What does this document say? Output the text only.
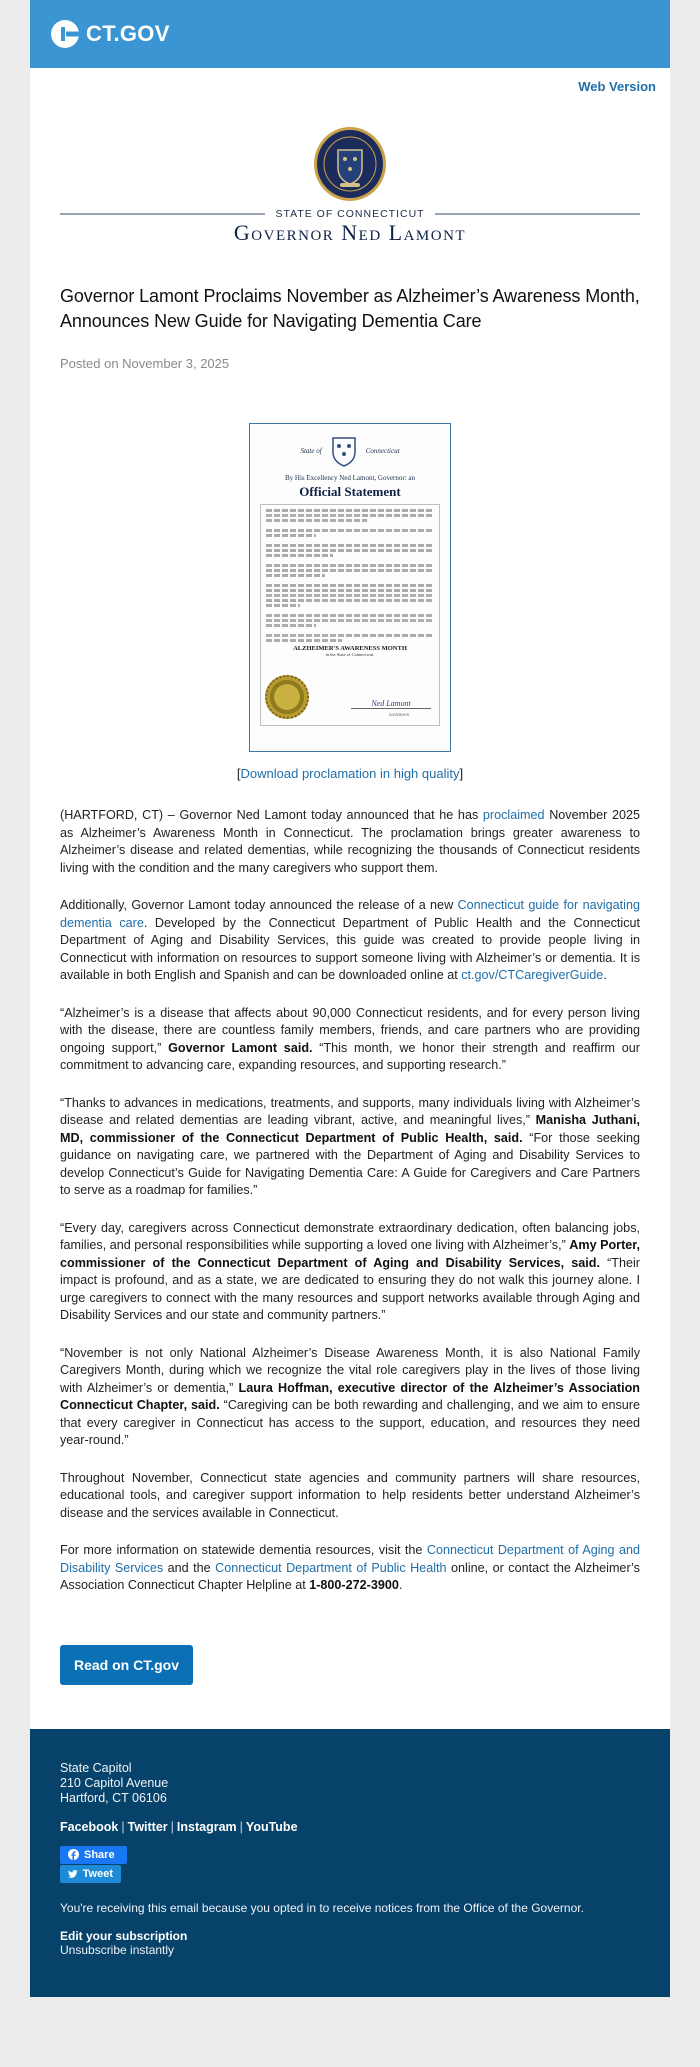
CT.GOV
Web Version
STATE OF CONNECTICUT
Governor Ned Lamont
Governor Lamont Proclaims November as Alzheimer’s Awareness Month, Announces New Guide for Navigating Dementia Care
Posted on November 3, 2025
State of	Connecticut
By His Excellency Ned Lamont, Governor: an
Official Statement
ALZHEIMER'S AWARENESS MONTH
in the State of Connecticut.
Ned Lamont
GOVERNOR
[Download proclamation in high quality]

(HARTFORD, CT) – Governor Ned Lamont today announced that he has proclaimed November 2025 as Alzheimer’s Awareness Month in Connecticut. The proclamation brings greater awareness to Alzheimer’s disease and related dementias, while recognizing the thousands of Connecticut residents living with the condition and the many caregivers who support them.

Additionally, Governor Lamont today announced the release of a new Connecticut guide for navigating dementia care. Developed by the Connecticut Department of Public Health and the Connecticut Department of Aging and Disability Services, this guide was created to provide people living in Connecticut with information on resources to support someone living with Alzheimer’s or dementia. It is available in both English and Spanish and can be downloaded online at ct.gov/CTCaregiverGuide.

“Alzheimer’s is a disease that affects about 90,000 Connecticut residents, and for every person living with the disease, there are countless family members, friends, and care partners who are providing ongoing support,” Governor Lamont said. “This month, we honor their strength and reaffirm our commitment to advancing care, expanding resources, and supporting research.”

“Thanks to advances in medications, treatments, and supports, many individuals living with Alzheimer’s disease and related dementias are leading vibrant, active, and meaningful lives,” Manisha Juthani, MD, commissioner of the Connecticut Department of Public Health, said. “For those seeking guidance on navigating care, we partnered with the Department of Aging and Disability Services to develop Connecticut’s Guide for Navigating Dementia Care: A Guide for Caregivers and Care Partners to serve as a roadmap for families.”

“Every day, caregivers across Connecticut demonstrate extraordinary dedication, often balancing jobs, families, and personal responsibilities while supporting a loved one living with Alzheimer’s,” Amy Porter, commissioner of the Connecticut Department of Aging and Disability Services, said. “Their impact is profound, and as a state, we are dedicated to ensuring they do not walk this journey alone. I urge caregivers to connect with the many resources and support networks available through Aging and Disability Services and our state and community partners.”

“November is not only National Alzheimer’s Disease Awareness Month, it is also National Family Caregivers Month, during which we recognize the vital role caregivers play in the lives of those living with Alzheimer’s or dementia,” Laura Hoffman, executive director of the Alzheimer’s Association Connecticut Chapter, said. “Caregiving can be both rewarding and challenging, and we aim to ensure that every caregiver in Connecticut has access to the support, education, and resources they need year-round.”

Throughout November, Connecticut state agencies and community partners will share resources, educational tools, and caregiver support information to help residents better understand Alzheimer’s disease and the services available in Connecticut.

For more information on statewide dementia resources, visit the Connecticut Department of Aging and Disability Services and the Connecticut Department of Public Health online, or contact the Alzheimer’s Association Connecticut Chapter Helpline at 1-800-272-3900.

Read on CT.gov
State Capitol
210 Capitol Avenue
Hartford, CT 06106
Facebook | Twitter | Instagram | YouTube
Share
Tweet
You're receiving this email because you opted in to receive notices from the Office of the Governor.
Edit your subscription
Unsubscribe instantly
